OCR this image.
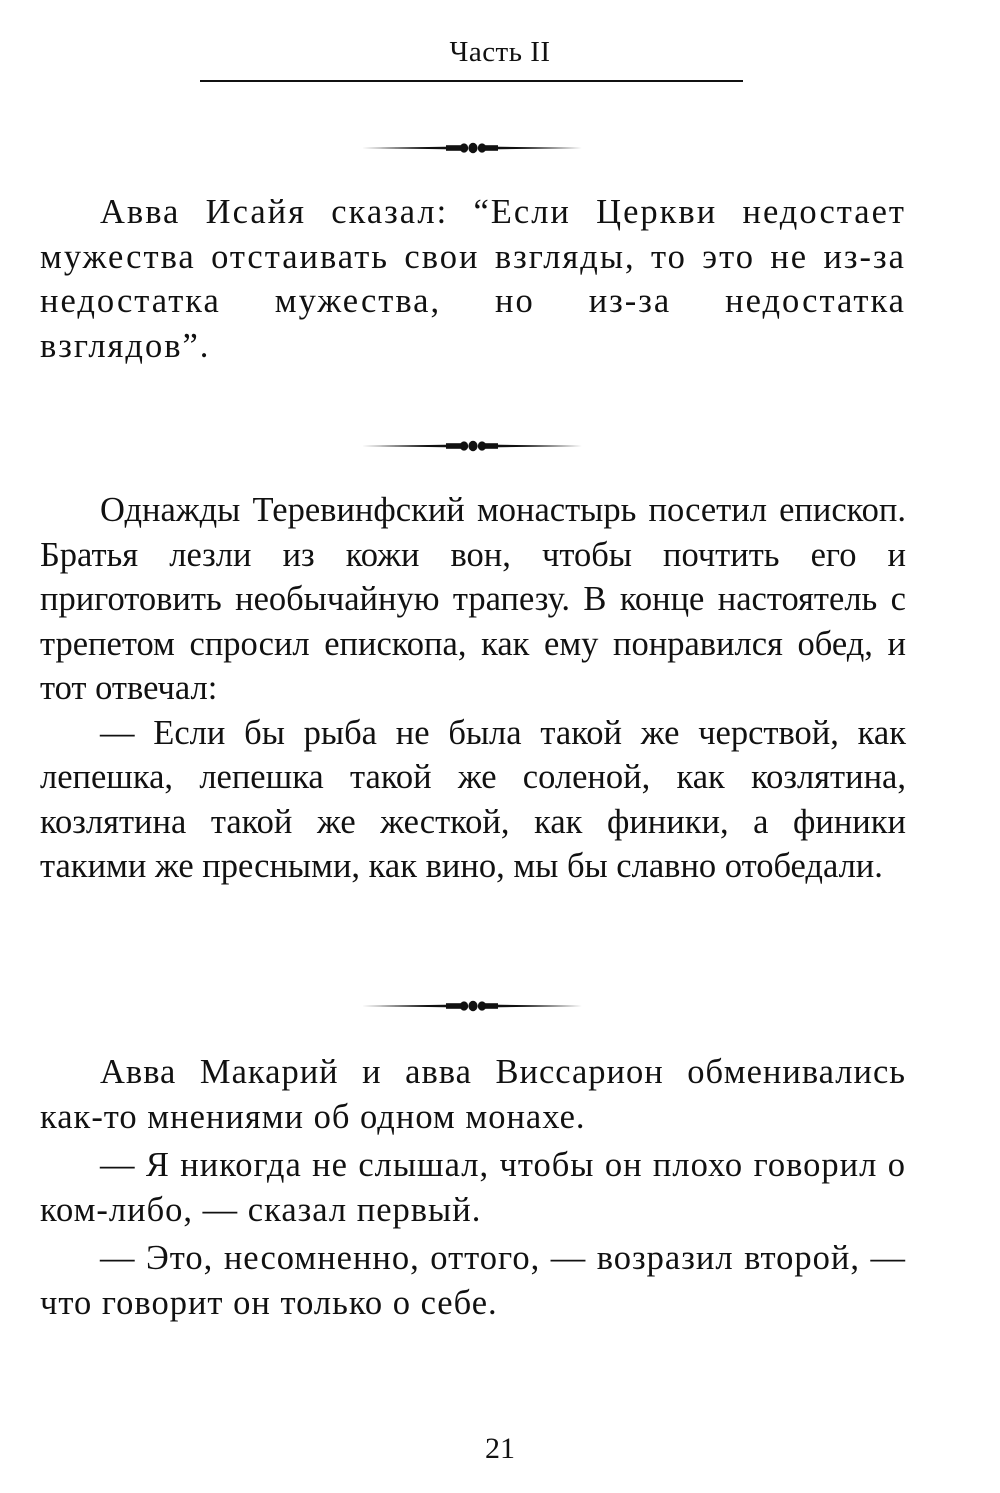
Часть II

Авва Исайя сказал: “Если Церкви недостает мужества отстаивать свои взгляды, то это не из-за недостатка мужества, но из-за недостатка взглядов”.

Однажды Теревинфский монастырь посетил епископ. Братья лезли из кожи вон, чтобы почтить его и приготовить необычайную трапезу. В конце настоятель с трепетом спросил епископа, как ему понравился обед, и тот отвечал:

— Если бы рыба не была такой же черствой, как лепешка, лепешка такой же соленой, как козлятина, козлятина такой же жесткой, как финики, а финики такими же пресными, как вино, мы бы славно отобедали.

Авва Макарий и авва Виссарион обменивались как-то мнениями об одном монахе.

— Я никогда не слышал, чтобы он плохо говорил о ком-либо, — сказал первый.

— Это, несомненно, оттого, — возразил второй, — что говорит он только о себе.

21
